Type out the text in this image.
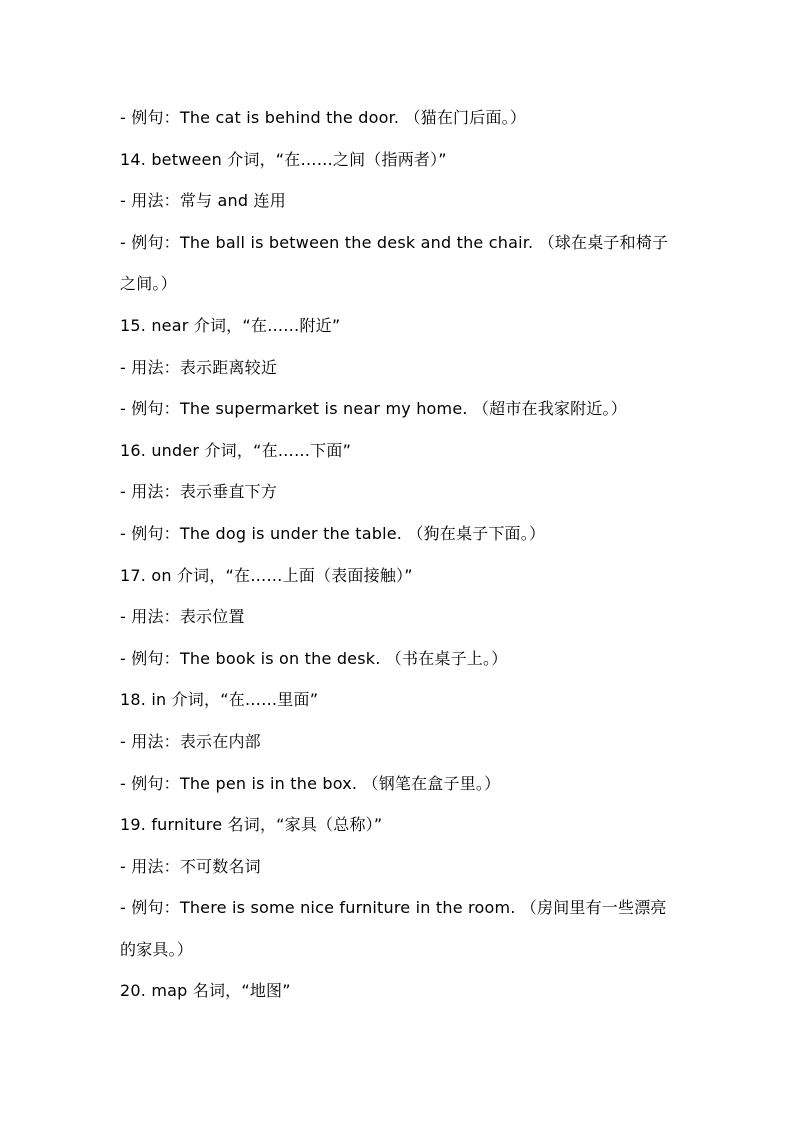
- 例句：The cat is behind the door. （猫在门后面。）
14. between 介词，“在……之间（指两者）”
- 用法：常与 and 连用
- 例句：The ball is between the desk and the chair. （球在桌子和椅子
之间。）
15. near 介词，“在……附近”
- 用法：表示距离较近
- 例句：The supermarket is near my home. （超市在我家附近。）
16. under 介词，“在……下面”
- 用法：表示垂直下方
- 例句：The dog is under the table. （狗在桌子下面。）
17. on 介词，“在……上面（表面接触）”
- 用法：表示位置
- 例句：The book is on the desk. （书在桌子上。）
18. in 介词，“在……里面”
- 用法：表示在内部
- 例句：The pen is in the box. （钢笔在盒子里。）
19. furniture 名词，“家具（总称）”
- 用法：不可数名词
- 例句：There is some nice furniture in the room. （房间里有一些漂亮
的家具。）
20. map 名词，“地图”
